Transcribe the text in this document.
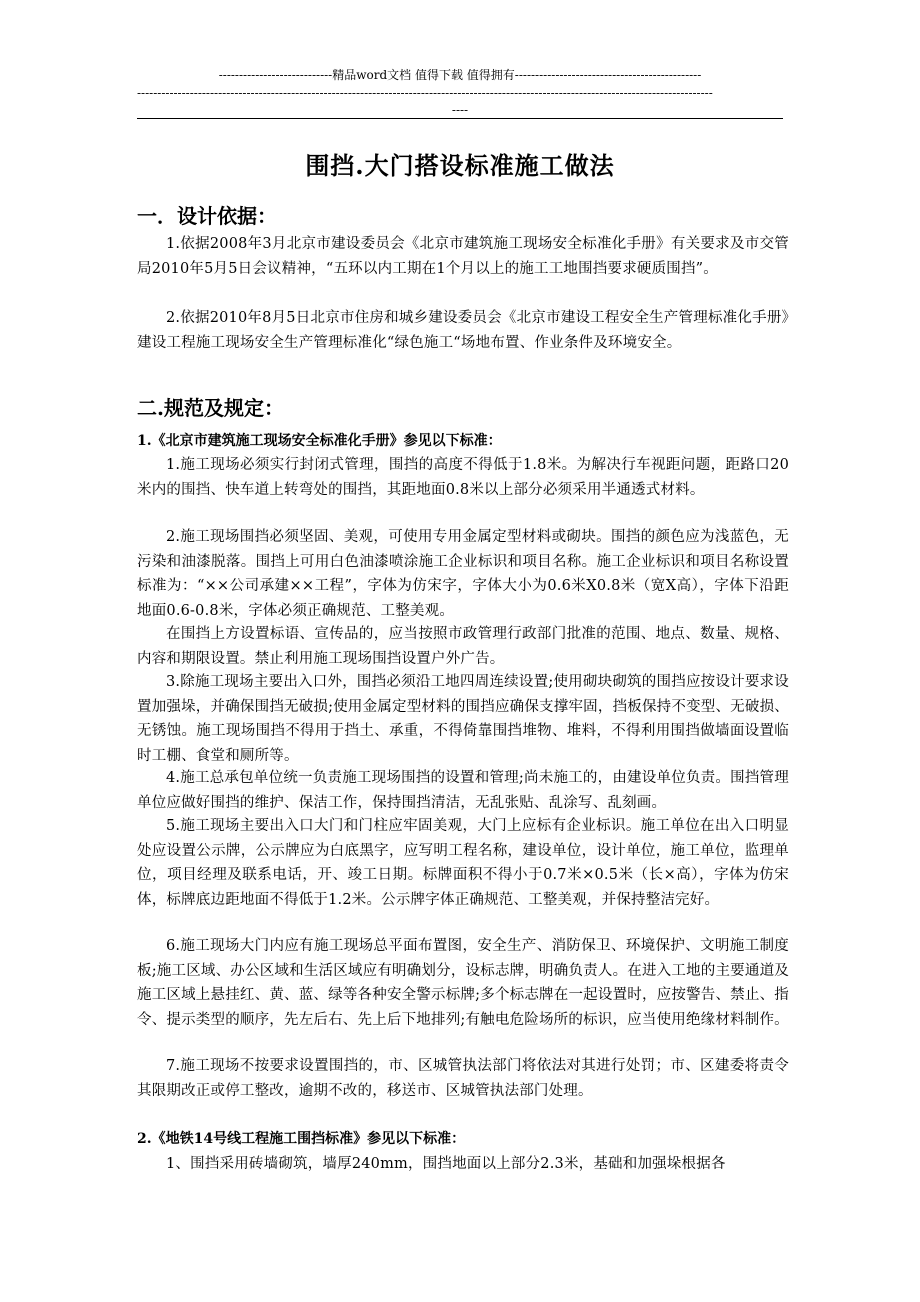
----------------------------精品word文档 值得下载 值得拥有----------------------------------------------
----------------------------------------------------------------------------------------------------------------------------------------------
----
围挡.大门搭设标准施工做法
一．设计依据：
1.依据2008年3月北京市建设委员会《北京市建筑施工现场安全标准化手册》有关要求及市交管局2010年5月5日会议精神，“五环以内工期在1个月以上的施工工地围挡要求硬质围挡”。
2.依据2010年8月5日北京市住房和城乡建设委员会《北京市建设工程安全生产管理标准化手册》建设工程施工现场安全生产管理标准化“绿色施工“场地布置、作业条件及环境安全。
二.规范及规定：
1.《北京市建筑施工现场安全标准化手册》参见以下标准：
1.施工现场必须实行封闭式管理，围挡的高度不得低于1.8米。为解决行车视距问题，距路口20米内的围挡、快车道上转弯处的围挡，其距地面0.8米以上部分必须采用半通透式材料。
2.施工现场围挡必须坚固、美观，可使用专用金属定型材料或砌块。围挡的颜色应为浅蓝色，无污染和油漆脱落。围挡上可用白色油漆喷涂施工企业标识和项目名称。施工企业标识和项目名称设置标准为：“××公司承建××工程”，字体为仿宋字，字体大小为0.6米X0.8米（宽X高），字体下沿距地面0.6-0.8米，字体必须正确规范、工整美观。
在围挡上方设置标语、宣传品的，应当按照市政管理行政部门批准的范围、地点、数量、规格、内容和期限设置。禁止利用施工现场围挡设置户外广告。
3.除施工现场主要出入口外，围挡必须沿工地四周连续设置;使用砌块砌筑的围挡应按设计要求设置加强垛，并确保围挡无破损;使用金属定型材料的围挡应确保支撑牢固，挡板保持不变型、无破损、无锈蚀。施工现场围挡不得用于挡土、承重，不得倚靠围挡堆物、堆料，不得利用围挡做墙面设置临时工棚、食堂和厕所等。
4.施工总承包单位统一负责施工现场围挡的设置和管理;尚未施工的，由建设单位负责。围挡管理单位应做好围挡的维护、保洁工作，保持围挡清洁，无乱张贴、乱涂写、乱刻画。
5.施工现场主要出入口大门和门柱应牢固美观，大门上应标有企业标识。施工单位在出入口明显处应设置公示牌，公示牌应为白底黑字，应写明工程名称，建设单位，设计单位，施工单位，监理单位，项目经理及联系电话，开、竣工日期。标牌面积不得小于0.7米×0.5米（长×高），字体为仿宋体，标牌底边距地面不得低于1.2米。公示牌字体正确规范、工整美观，并保持整洁完好。
6.施工现场大门内应有施工现场总平面布置图，安全生产、消防保卫、环境保护、文明施工制度板;施工区域、办公区域和生活区域应有明确划分，设标志牌，明确负责人。在进入工地的主要通道及施工区域上悬挂红、黄、蓝、绿等各种安全警示标牌;多个标志牌在一起设置时，应按警告、禁止、指令、提示类型的顺序，先左后右、先上后下地排列;有触电危险场所的标识，应当使用绝缘材料制作。
7.施工现场不按要求设置围挡的，市、区城管执法部门将依法对其进行处罚；市、区建委将责令其限期改正或停工整改，逾期不改的，移送市、区城管执法部门处理。
2.《地铁14号线工程施工围挡标准》参见以下标准：
1、围挡采用砖墙砌筑，墙厚240mm，围挡地面以上部分2.3米，基础和加强垛根据各
